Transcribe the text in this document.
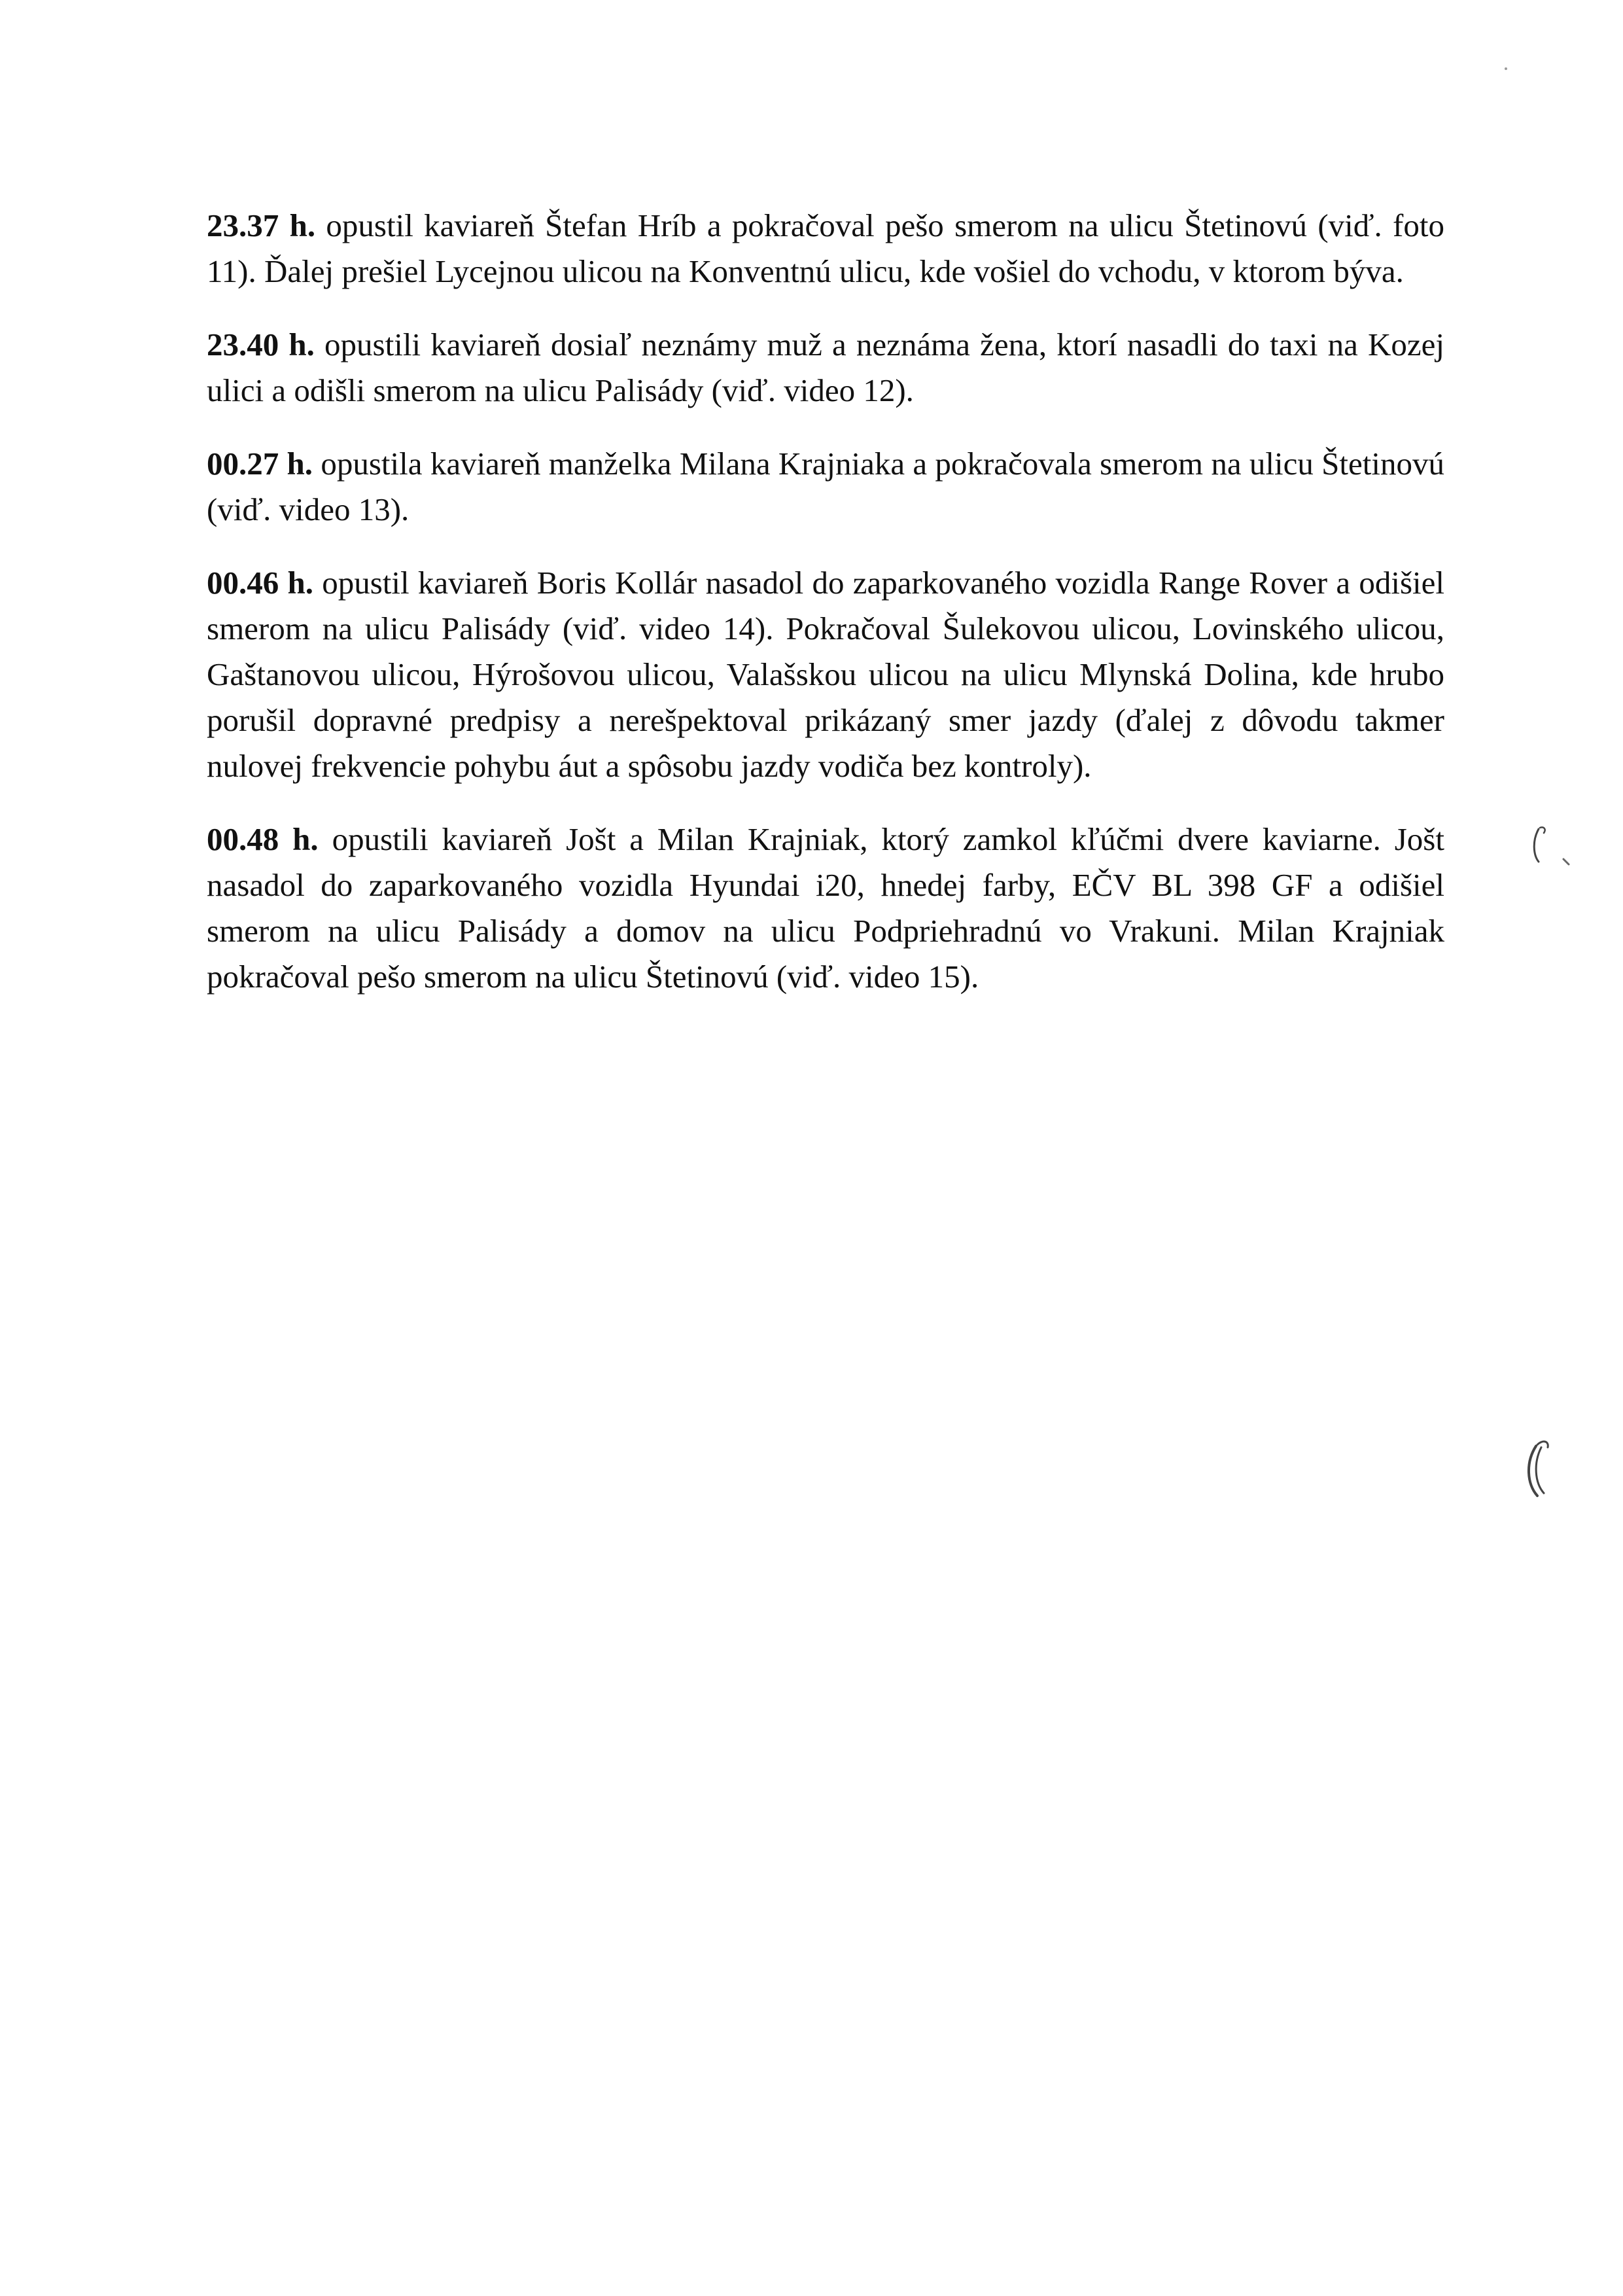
23.37 h. opustil kaviareň Štefan Hríb a pokračoval pešo smerom na ulicu Štetinovú (viď. foto 11). Ďalej prešiel Lycejnou ulicou na Konventnú ulicu, kde vošiel do vchodu, v ktorom býva.

23.40 h. opustili kaviareň dosiaľ neznámy muž a neznáma žena, ktorí nasadli do taxi na Kozej ulici a odišli smerom na ulicu Palisády (viď. video 12).

00.27 h. opustila kaviareň manželka Milana Krajniaka a pokračovala smerom na ulicu Štetinovú (viď. video 13).

00.46 h. opustil kaviareň Boris Kollár nasadol do zaparkovaného vozidla Range Rover a odišiel smerom na ulicu Palisády (viď. video 14). Pokračoval Šulekovou ulicou, Lovinského ulicou, Gaštanovou ulicou, Hýrošovou ulicou, Valašskou ulicou na ulicu Mlynská Dolina, kde hrubo porušil dopravné predpisy a nerešpektoval prikázaný smer jazdy (ďalej z dôvodu takmer nulovej frekvencie pohybu áut a spôsobu jazdy vodiča bez kontroly).

00.48 h. opustili kaviareň Jošt a Milan Krajniak, ktorý zamkol kľúčmi dvere kaviarne. Jošt nasadol do zaparkovaného vozidla Hyundai i20, hnedej farby, EČV BL 398 GF a odišiel smerom na ulicu Palisády a domov na ulicu Podpriehradnú vo Vrakuni. Milan Krajniak pokračoval pešo smerom na ulicu Štetinovú (viď. video 15).
